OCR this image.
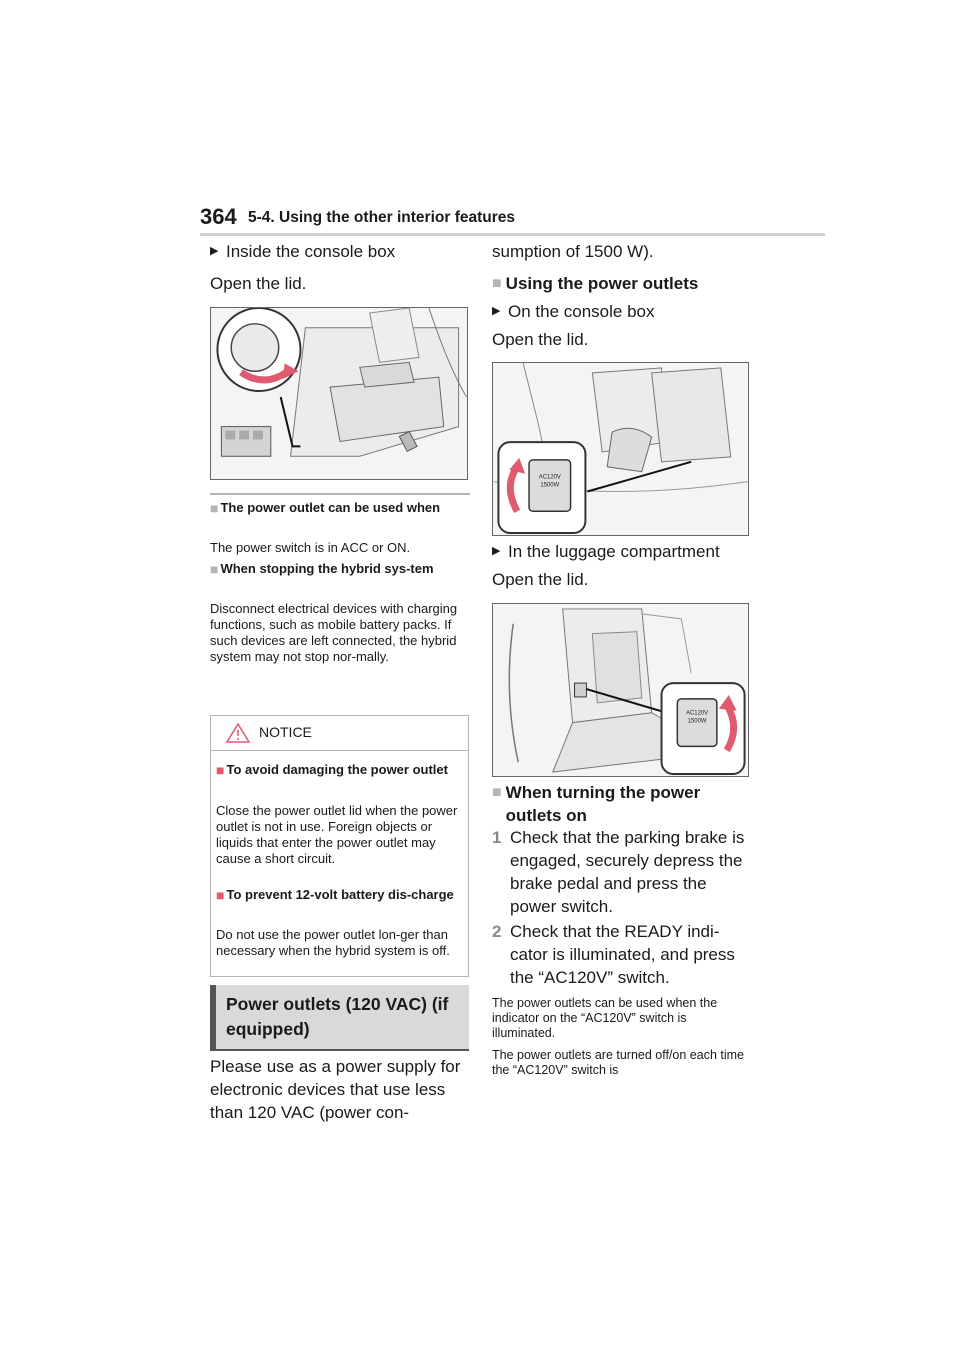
364 5-4. Using the other interior features
▶ Inside the console box
Open the lid.
■ The power outlet can be used when
The power switch is in ACC or ON.
■ When stopping the hybrid sys-tem
Disconnect electrical devices with charging functions, such as mobile battery packs. If such devices are left connected, the hybrid system may not stop nor-mally.
NOTICE
■ To avoid damaging the power outlet
Close the power outlet lid when the power outlet is not in use. Foreign objects or liquids that enter the power outlet may cause a short circuit.
■ To prevent 12-volt battery dis-charge
Do not use the power outlet lon-ger than necessary when the hybrid system is off.
Power outlets (120 VAC) (if equipped)
Please use as a power supply for electronic devices that use less than 120 VAC (power con-
sumption of 1500 W).
■ Using the power outlets
▶ On the console box
Open the lid.
AC120V
1500W
▶ In the luggage compartment
Open the lid.
AC120V
1500W
■ When turning the power outlets on
1 Check that the parking brake is engaged, securely depress the brake pedal and press the power switch.
2 Check that the READY indi-cator is illuminated, and press the “AC120V” switch.
The power outlets can be used when the indicator on the “AC120V” switch is illuminated.
The power outlets are turned off/on each time the “AC120V” switch is
